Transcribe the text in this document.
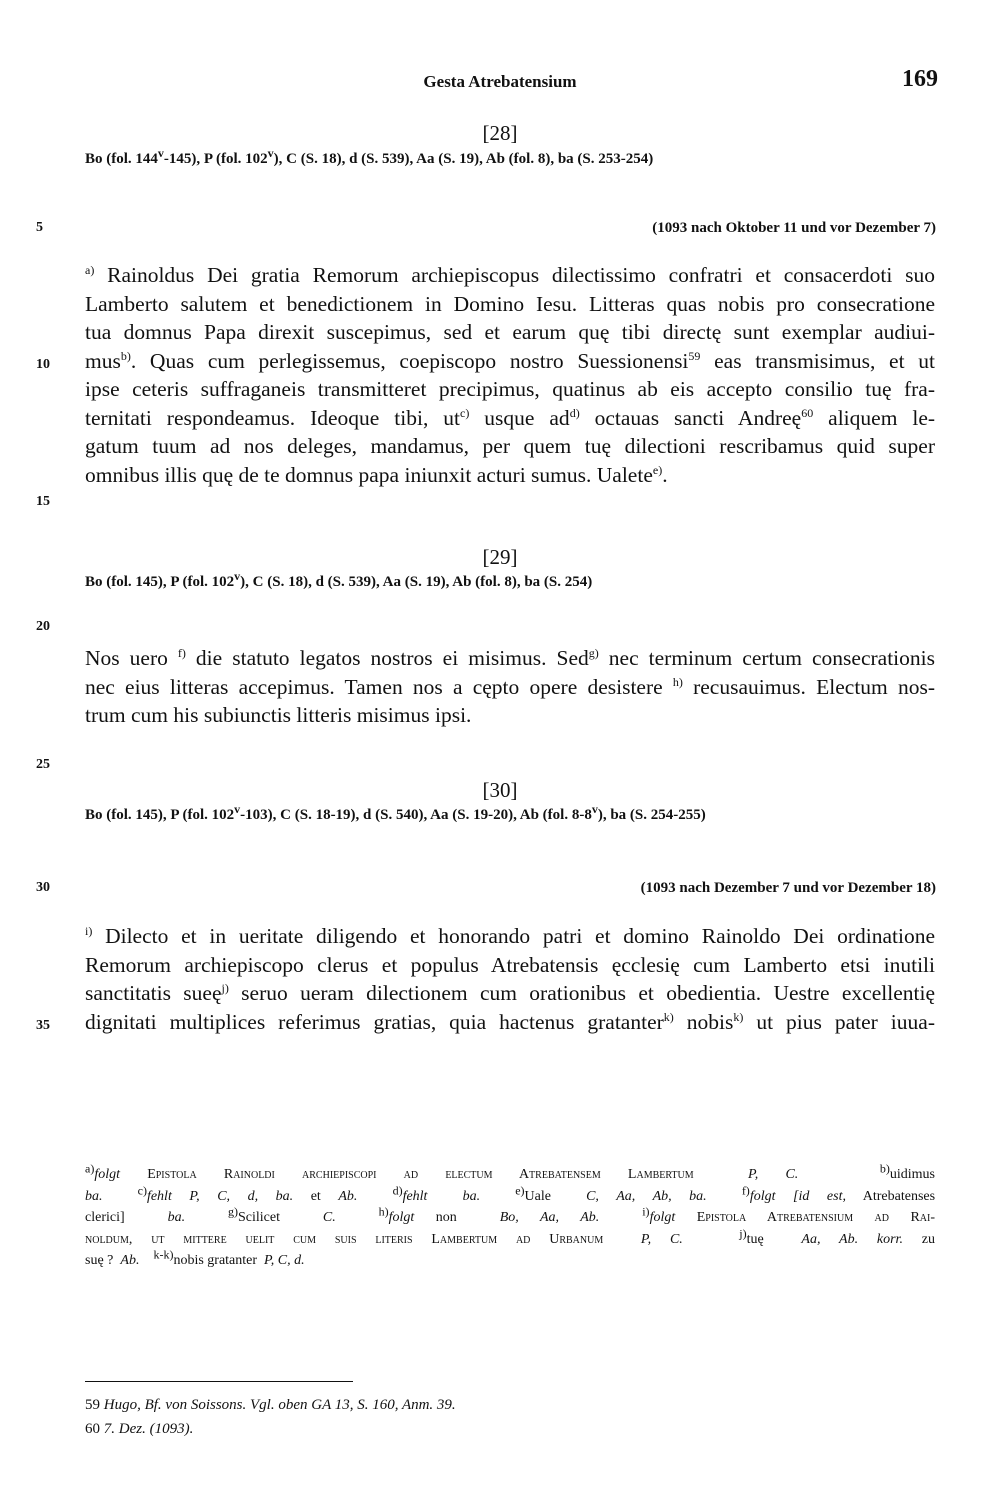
Gesta Atrebatensium	169
5
10
15
20
25
30
35
[28]
Bo (fol. 144$^v$-145), P (fol. 102$^v$), C (S. 18), d (S. 539), Aa (S. 19), Ab (fol. 8), ba (S. 253-254)
(1093 nach Oktober 11 und vor Dezember 7)
$^{a)}$ Rainoldus Dei gratia Remorum archiepiscopus dilectissimo confratri et consacerdoti suo
Lamberto salutem et benedictionem in Domino Iesu. Litteras quas nobis pro consecratione
tua domnus Papa direxit suscepimus, sed et earum quę tibi directę sunt exemplar audiui-
mus$^{b)}$. Quas cum perlegissemus, coepiscopo nostro Suessionensi$^{59}$ eas transmisimus, et ut
ipse ceteris suffraganeis transmitteret precipimus, quatinus ab eis accepto consilio tuę fra-
ternitati respondeamus. Ideoque tibi, $ut^{c)}$ usque $ad^{d)}$ octauas sancti Andreę$^{60}$ aliquem le-
gatum tuum ad nos deleges, mandamus, per quem tuę dilectioni rescribamus quid super
omnibus illis quę de te domnus papa iniunxit acturi sumus. Ualete$^{e)}$.
[29]
Bo (fol. 145), P (fol. 102$^v$), C (S. 18), d (S. 539), Aa (S. 19), Ab (fol. 8), ba (S. 254)
Nos uero $^{f)}$ die statuto legatos nostros ei misimus. Sed$^{g)}$ nec terminum certum consecrationis
nec eius litteras accepimus. Tamen nos a cępto opere desistere $^{h)}$ recusauimus. Electum nos-
trum cum his subiunctis litteris misimus ipsi.
[30]
Bo (fol. 145), P (fol. 102$^v$-103), C (S. 18-19), d (S. 540), Aa (S. 19-20), Ab (fol. 8-8$^v$), ba (S. 254-255)
(1093 nach Dezember 7 und vor Dezember 18)
$^{i)}$ Dilecto et in ueritate diligendo et honorando patri et domino Rainoldo Dei ordinatione
Remorum archiepiscopo clerus et populus Atrebatensis ęcclesię cum Lamberto etsi inutili
sanctitatis sueę$^{j)}$ seruo ueram dilectionem cum orationibus et obedientia. Uestre excellentię
dignitati multiplices referimus gratias, quia hactenus gratanter$^{k)}$ nobis$^{k)}$ ut pius pater iuua-
$^{a)}$folgt Epistola Rainoldi archiepiscopi ad electum Atrebatensem Lambertum	P, C.	$^{b)}$uidimus
ba.	$^{c)}$fehlt P, C, d, ba. et Ab.	$^{d)}$fehlt	ba.	$^{e)}$Uale  C, Aa, Ab, ba.	$^{f)}$folgt [id est, Atrebatenses
clerici]  ba.	$^{g)}$Scilicet  C.	$^{h)}$folgt non  Bo, Aa, Ab.	$^{i)}$folgt Epistola Atrebatensium ad Rai-
noldum, ut mittere uelit cum suis literis Lambertum ad Urbanum	P, C.	$^{j)}$tuę  Aa, Ab. korr. zu
suę ?  Ab. $^{k-k)}$nobis gratanter  P, C, d.
59 Hugo, Bf. von Soissons. Vgl. oben GA 13, S. 160, Anm. 39.
60 7. Dez. (1093).
